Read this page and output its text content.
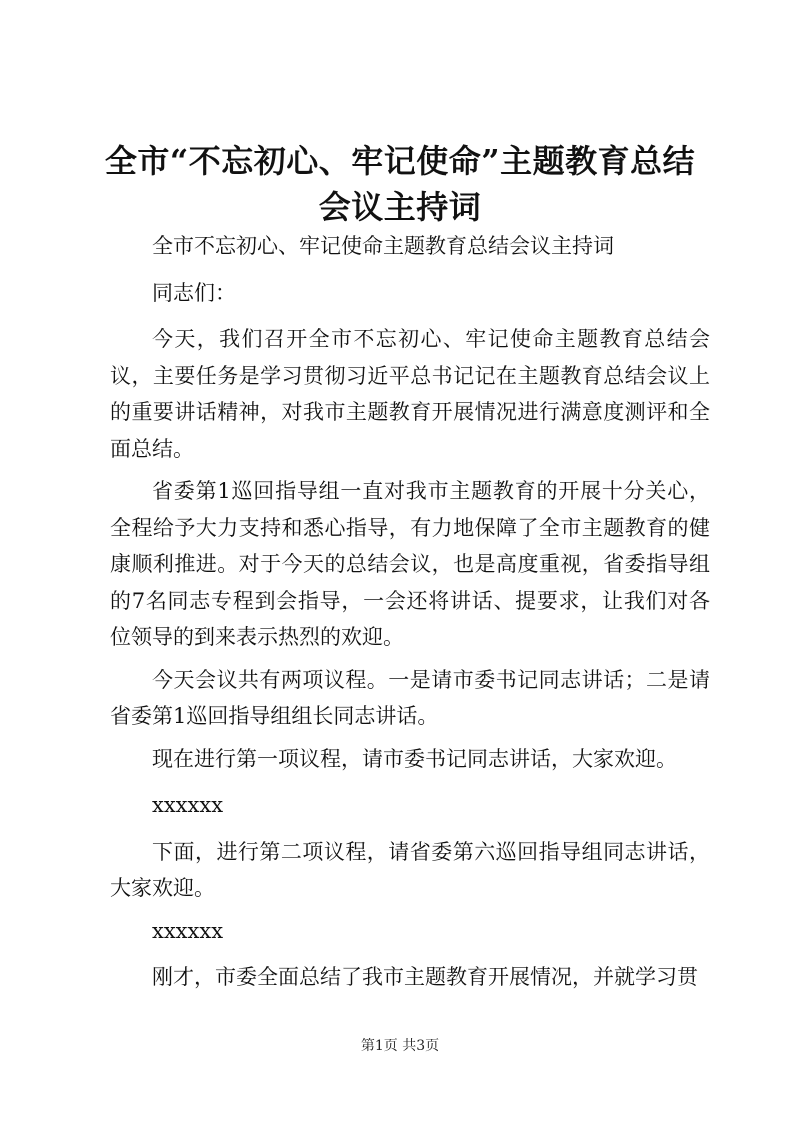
全市“不忘初心、牢记使命”主题教育总结会议主持词

全市不忘初心、牢记使命主题教育总结会议主持词

同志们：

今天，我们召开全市不忘初心、牢记使命主题教育总结会议，主要任务是学习贯彻习近平总书记记在主题教育总结会议上的重要讲话精神，对我市主题教育开展情况进行满意度测评和全面总结。

省委第1巡回指导组一直对我市主题教育的开展十分关心，全程给予大力支持和悉心指导，有力地保障了全市主题教育的健康顺利推进。对于今天的总结会议，也是高度重视，省委指导组的7名同志专程到会指导，一会还将讲话、提要求，让我们对各位领导的到来表示热烈的欢迎。

今天会议共有两项议程。一是请市委书记同志讲话；二是请省委第1巡回指导组组长同志讲话。

现在进行第一项议程，请市委书记同志讲话，大家欢迎。

xxxxxx

下面，进行第二项议程，请省委第六巡回指导组同志讲话，大家欢迎。

xxxxxx

刚才，市委全面总结了我市主题教育开展情况，并就学习贯

第1页 共3页
